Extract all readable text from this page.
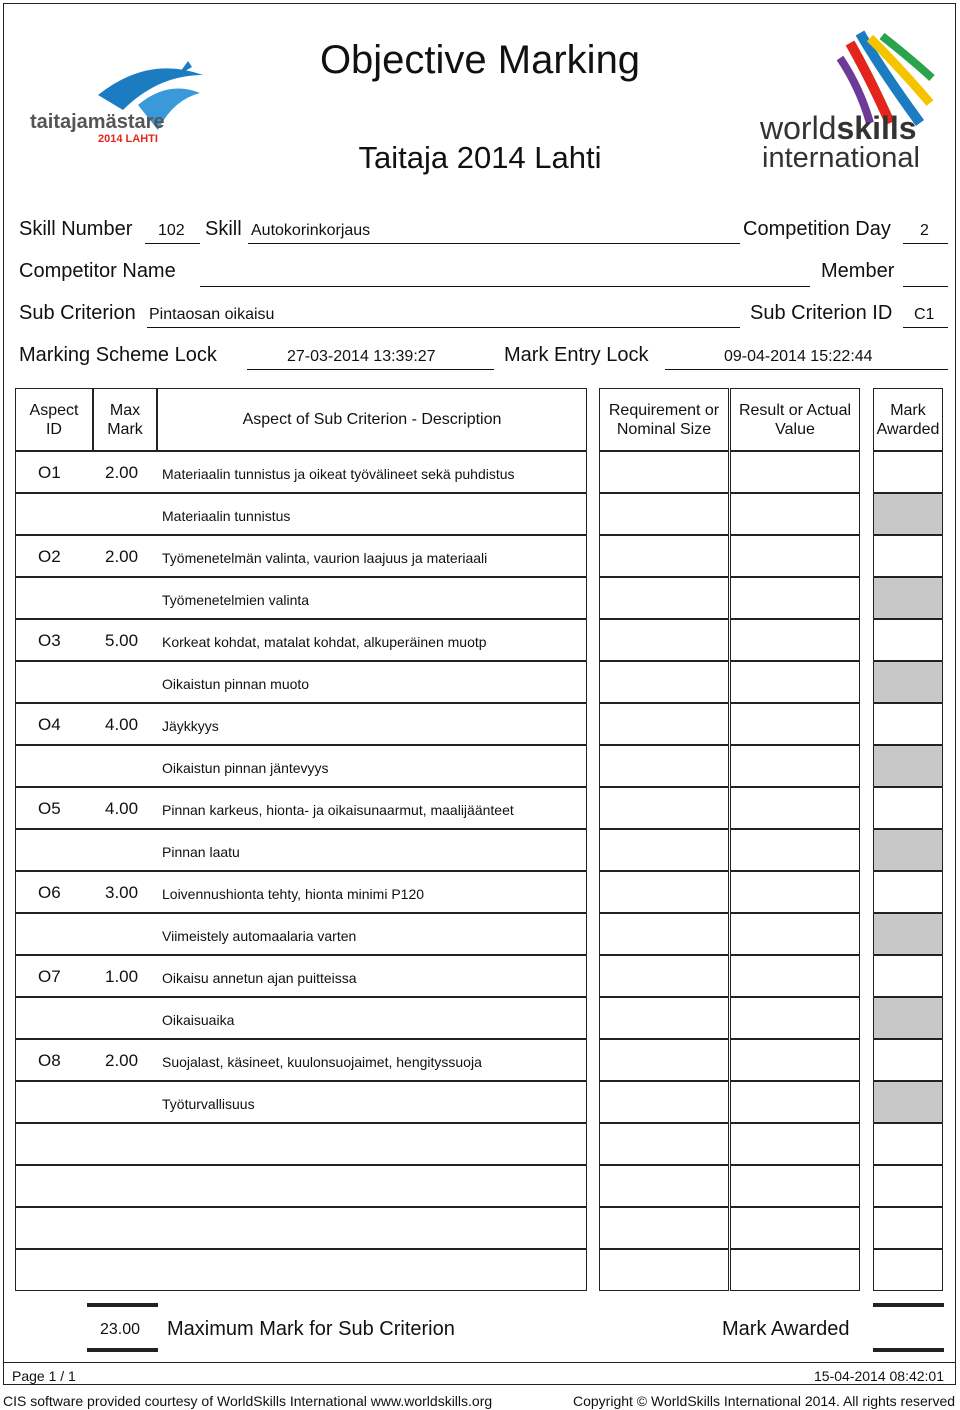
taitajamästare
2014 LAHTI	worldskills
international
Objective Marking
Taitaja 2014 Lahti
Skill Number 102 Skill Autokorinkorjaus	Competition Day 2
Competitor Name	Member
Sub Criterion Pintaosan oikaisu	Sub Criterion ID C1
Marking Scheme Lock	27-03-2014 13:39:27	Mark Entry Lock	09-04-2014 15:22:44
Aspect
ID
Max
Mark
Aspect of Sub Criterion - Description
Requirement or
Nominal Size
Result or Actual
Value
Mark
Awarded
O1	2.00 Materiaalin tunnistus ja oikeat työvälineet sekä puhdistus
Materiaalin tunnistus
O2	2.00 Työmenetelmän valinta, vaurion laajuus ja materiaali
Työmenetelmien valinta
O3	5.00 Korkeat kohdat, matalat kohdat, alkuperäinen muotp
Oikaistun pinnan muoto
O4	4.00 Jäykkyys
Oikaistun pinnan jäntevyys
O5	4.00 Pinnan karkeus, hionta- ja oikaisunaarmut, maalijäänteet
Pinnan laatu
O6	3.00 Loivennushionta tehty, hionta minimi P120
Viimeistely automaalaria varten
O7	1.00 Oikaisu annetun ajan puitteissa
Oikaisuaika
O8	2.00 Suojalast, käsineet, kuulonsuojaimet, hengityssuoja
Työturvallisuus
23.00 Maximum Mark for Sub Criterion	Mark Awarded
Page 1 / 1	15-04-2014 08:42:01
CIS software provided courtesy of WorldSkills International www.worldskills.org	Copyright © WorldSkills International 2014. All rights reserved
